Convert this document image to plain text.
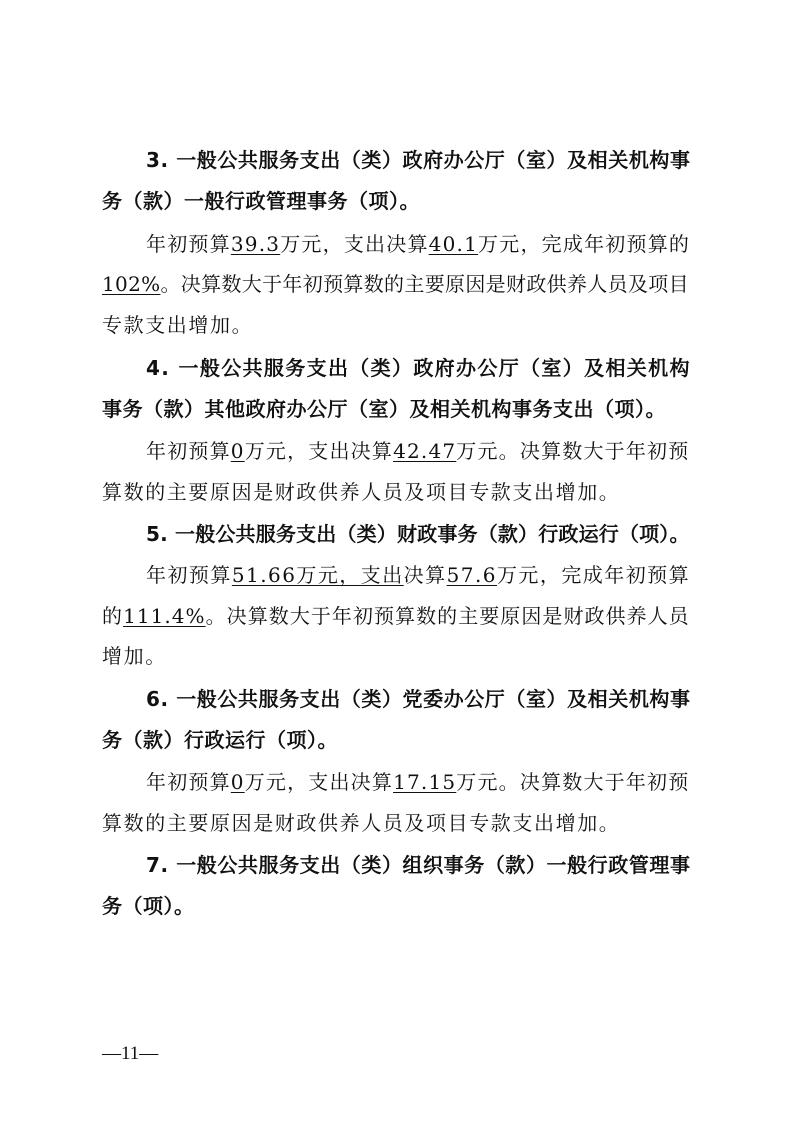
3. 一般公共服务支出（类）政府办公厅（室）及相关机构事
务（款）一般行政管理事务（项）。
年初预算39.3万元，支出决算40.1万元，完成年初预算的
102%。决算数大于年初预算数的主要原因是财政供养人员及项目
专款支出增加。
4. 一般公共服务支出（类）政府办公厅（室）及相关机构
事务（款）其他政府办公厅（室）及相关机构事务支出（项）。
年初预算0万元，支出决算42.47万元。决算数大于年初预
算数的主要原因是财政供养人员及项目专款支出增加。
5. 一般公共服务支出（类）财政事务（款）行政运行（项）。
年初预算51.66万元，支出决算57.6万元，完成年初预算
的111.4%。决算数大于年初预算数的主要原因是财政供养人员
增加。
6. 一般公共服务支出（类）党委办公厅（室）及相关机构事
务（款）行政运行（项）。
年初预算0万元，支出决算17.15万元。决算数大于年初预
算数的主要原因是财政供养人员及项目专款支出增加。
7. 一般公共服务支出（类）组织事务（款）一般行政管理事
务（项）。
—11—
